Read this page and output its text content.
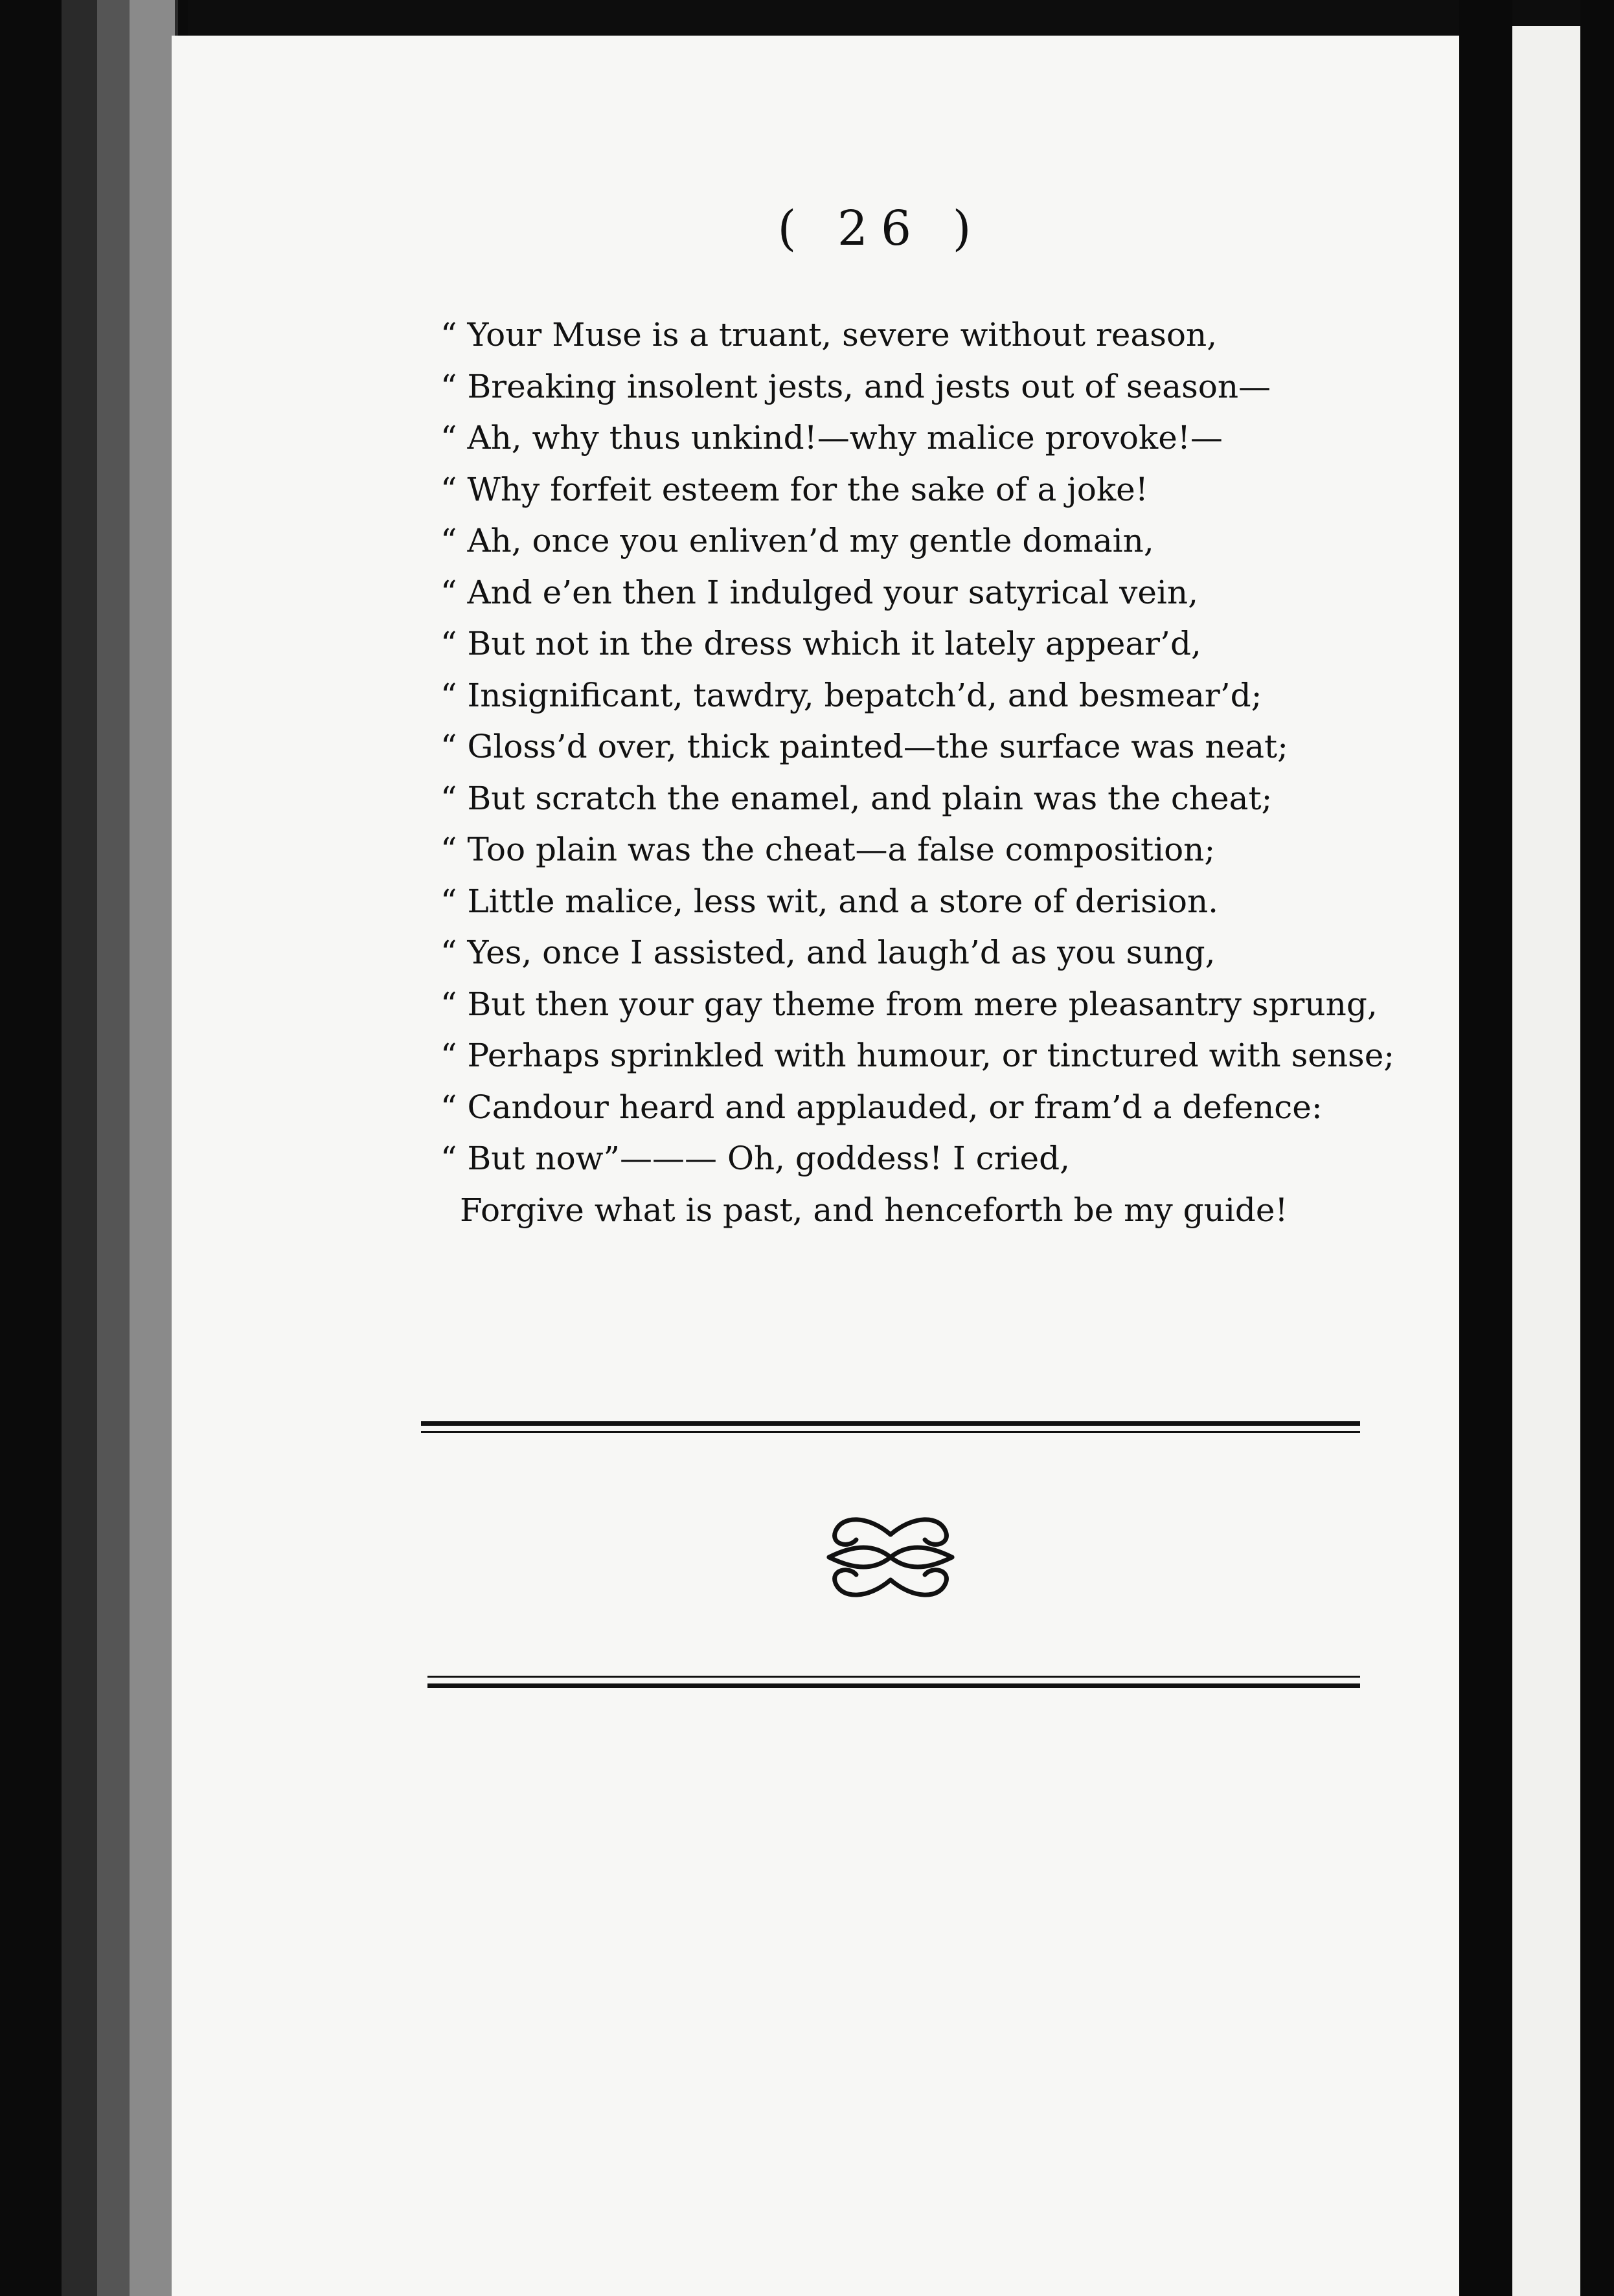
( 26 )
“ Your Muse is a truant, severe without reason,
“ Breaking insolent jests, and jests out of season—
“ Ah, why thus unkind!—why malice provoke!—
“ Why forfeit esteem for the sake of a joke!
“ Ah, once you enliven’d my gentle domain,
“ And e’en then I indulged your satyrical vein,
“ But not in the dress which it lately appear’d,
“ Insignificant, tawdry, bepatch’d, and besmear’d;
“ Gloss’d over, thick painted—the surface was neat;
“ But scratch the enamel, and plain was the cheat;
“ Too plain was the cheat—a false composition;
“ Little malice, less wit, and a store of derision.
“ Yes, once I assisted, and laugh’d as you sung,
“ But then your gay theme from mere pleasantry sprung,
“ Perhaps sprinkled with humour, or tinctured with sense;
“ Candour heard and applauded, or fram’d a defence:
“ But now”——— Oh, goddess! I cried,
Forgive what is past, and henceforth be my guide!
